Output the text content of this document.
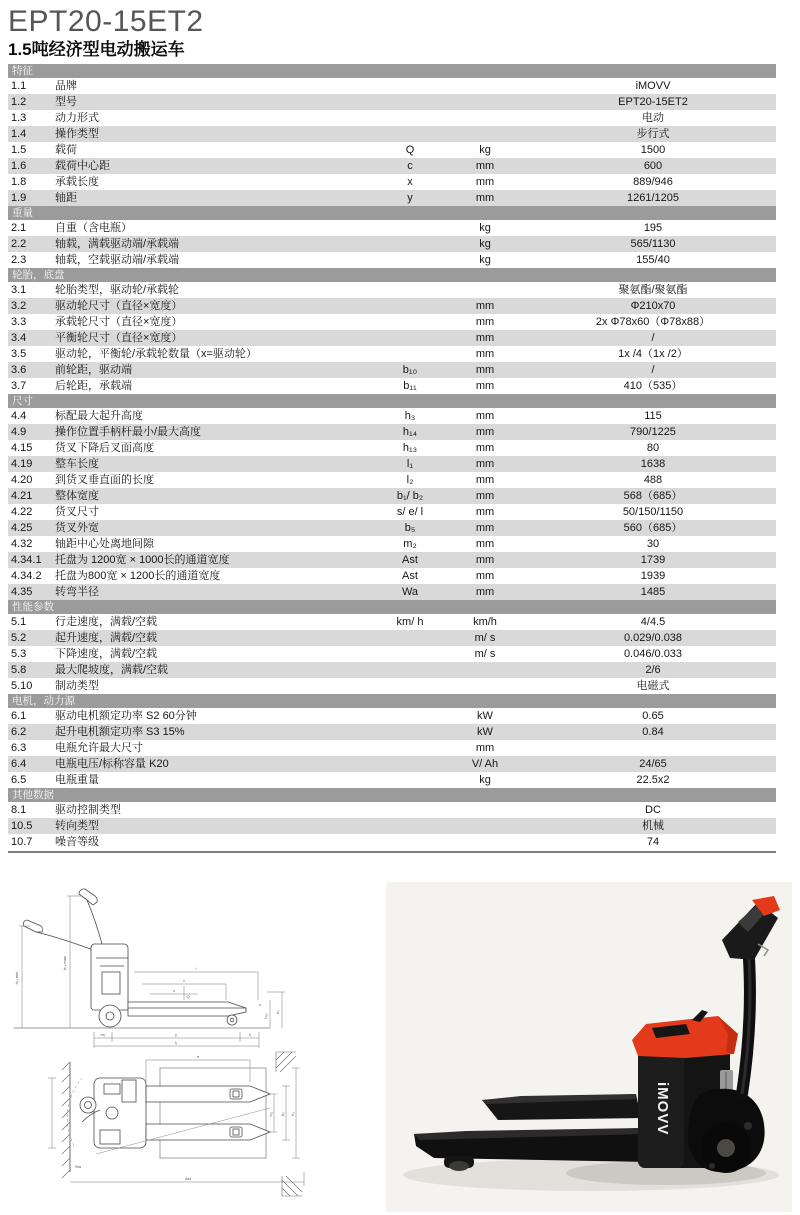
EPT20-15ET2
1.5吨经济型电动搬运车
特征
1.1	品牌	iMOVV
1.2	型号	EPT20-15ET2
1.3	动力形式	电动
1.4	操作类型	步行式
1.5	载荷	Q	kg	1500
1.6	载荷中心距	c	mm	600
1.8	承载长度	x	mm	889/946
1.9	轴距	y	mm	1261/1205
重量
2.1	自重（含电瓶）	kg	195
2.2	轴载，满载驱动端/承载端	kg	565/1130
2.3	轴载，空载驱动端/承载端	kg	155/40
轮胎，底盘
3.1	轮胎类型，驱动轮/承载轮	聚氨酯/聚氨酯
3.2	驱动轮尺寸（直径×宽度）	mm	Φ210x70
3.3	承载轮尺寸（直径×宽度）	mm	2x Φ78x60（Φ78x88）
3.4	平衡轮尺寸（直径×宽度）	mm	/
3.5	驱动轮，平衡轮/承载轮数量（x=驱动轮）	mm	1x /4（1x /2）
3.6	前轮距，驱动端	b₁₀	mm	/
3.7	后轮距，承载端	b₁₁	mm	410（535）
尺寸
4.4	标配最大起升高度	h₃	mm	115
4.9	操作位置手柄杆最小/最大高度	h₁₄	mm	790/1225
4.15	货叉下降后叉面高度	h₁₃	mm	80
4.19	整车长度	l₁	mm	1638
4.20	到货叉垂直面的长度	l₂	mm	488
4.21	整体宽度	b₁/ b₂	mm	568（685）
4.22	货叉尺寸	s/ e/ l	mm	50/150/1150
4.25	货叉外宽	b₅	mm	560（685）
4.32	轴距中心处离地间隙	m₂	mm	30
4.34.1	托盘为 1200宽 × 1000长的通道宽度	Ast	mm	1739
4.34.2	托盘为800宽 × 1200长的通道宽度	Ast	mm	1939
4.35	转弯半径	Wa	mm	1485
性能参数
5.1	行走速度，满载/空载	km/ h	km/h	4/4.5
5.2	起升速度，满载/空载	m/ s	0.029/0.038
5.3	下降速度，满载/空载	m/ s	0.046/0.033
5.8	最大爬坡度，满载/空载	2/6
5.10	制动类型	电磁式
电机，动力源
6.1	驱动电机额定功率 S2 60分钟	kW	0.65
6.2	起升电机额定功率 S3 15%	kW	0.84
6.3	电瓶允许最大尺寸	mm
6.4	电瓶电压/标称容量 K20	V/ Ah	24/65
6.5	电瓶重量	kg	22.5x2
其他数据
8.1	驱动控制类型	DC
10.5	转向类型	机械
10.7	噪音等级	74
h₁₄ min
h₁₄ max	l
x
c
Q
h₁₃
h₃
m₂	y	l₂
l₁
s
e
b₁₁ b₅ b₁
Ast
Wa
iMOVV
